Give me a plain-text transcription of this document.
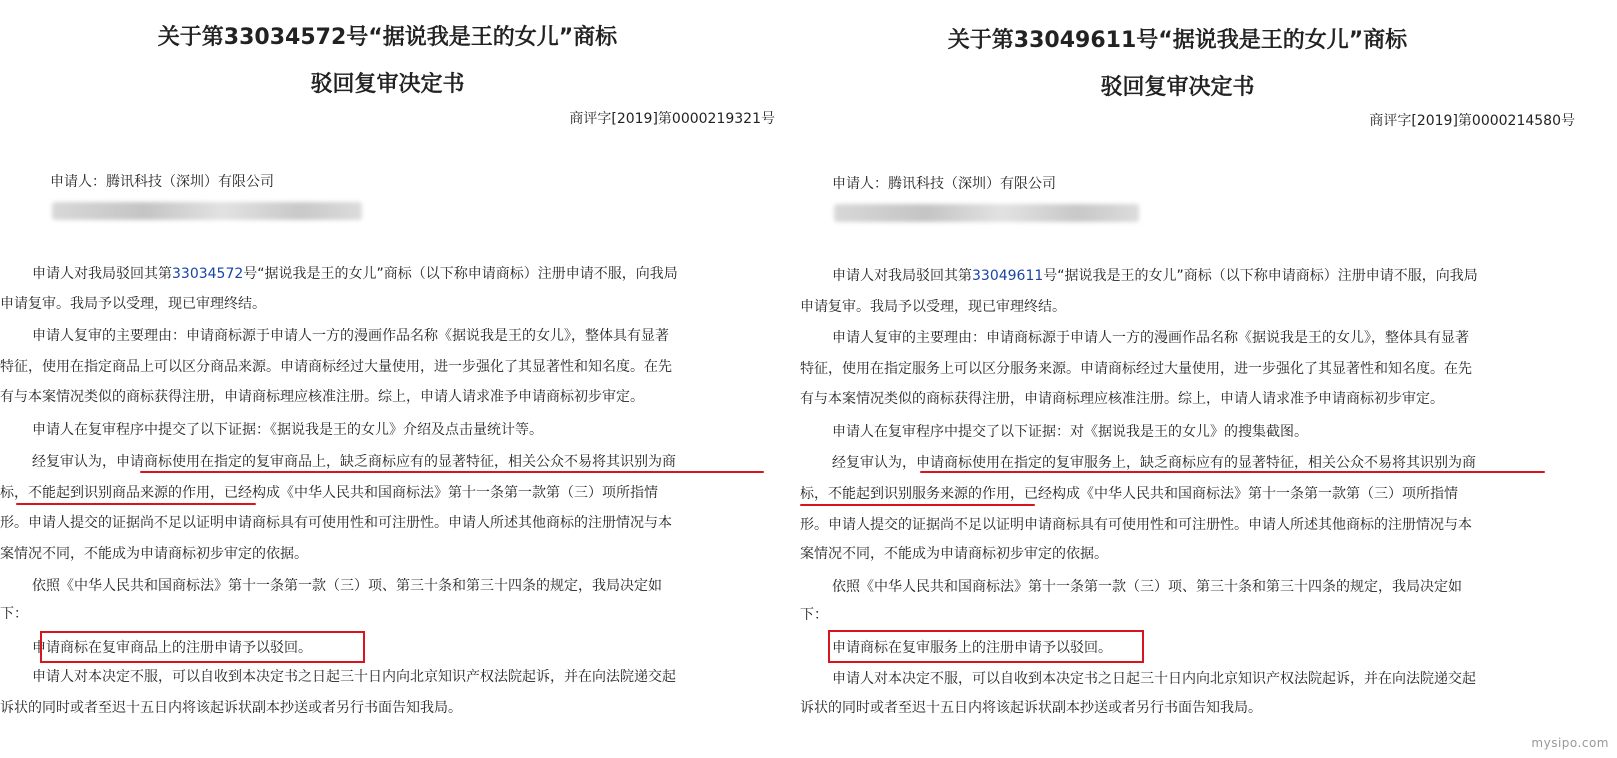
关于第33034572号“据说我是王的女儿”商标
驳回复审决定书
商评字[2019]第0000219321号
申请人：腾讯科技（深圳）有限公司
申请人对我局驳回其第33034572号“据说我是王的女儿”商标（以下称申请商标）注册申请不服，向我局
申请复审。我局予以受理，现已审理终结。
申请人复审的主要理由：申请商标源于申请人一方的漫画作品名称《据说我是王的女儿》，整体具有显著
特征，使用在指定商品上可以区分商品来源。申请商标经过大量使用，进一步强化了其显著性和知名度。在先
有与本案情况类似的商标获得注册，申请商标理应核准注册。综上，申请人请求准予申请商标初步审定。
申请人在复审程序中提交了以下证据：《据说我是王的女儿》介绍及点击量统计等。
经复审认为，申请商标使用在指定的复审商品上，缺乏商标应有的显著特征，相关公众不易将其识别为商
标，不能起到识别商品来源的作用，已经构成《中华人民共和国商标法》第十一条第一款第（三）项所指情
形。申请人提交的证据尚不足以证明申请商标具有可使用性和可注册性。申请人所述其他商标的注册情况与本
案情况不同，不能成为申请商标初步审定的依据。
依照《中华人民共和国商标法》第十一条第一款（三）项、第三十条和第三十四条的规定，我局决定如
下：
申请商标在复审商品上的注册申请予以驳回。
申请人对本决定不服，可以自收到本决定书之日起三十日内向北京知识产权法院起诉，并在向法院递交起
诉状的同时或者至迟十五日内将该起诉状副本抄送或者另行书面告知我局。
关于第33049611号“据说我是王的女儿”商标
驳回复审决定书
商评字[2019]第0000214580号
申请人：腾讯科技（深圳）有限公司
申请人对我局驳回其第33049611号“据说我是王的女儿”商标（以下称申请商标）注册申请不服，向我局
申请复审。我局予以受理，现已审理终结。
申请人复审的主要理由：申请商标源于申请人一方的漫画作品名称《据说我是王的女儿》，整体具有显著
特征，使用在指定服务上可以区分服务来源。申请商标经过大量使用，进一步强化了其显著性和知名度。在先
有与本案情况类似的商标获得注册，申请商标理应核准注册。综上，申请人请求准予申请商标初步审定。
申请人在复审程序中提交了以下证据：对《据说我是王的女儿》的搜集截图。
经复审认为，申请商标使用在指定的复审服务上，缺乏商标应有的显著特征，相关公众不易将其识别为商
标，不能起到识别服务来源的作用，已经构成《中华人民共和国商标法》第十一条第一款第（三）项所指情
形。申请人提交的证据尚不足以证明申请商标具有可使用性和可注册性。申请人所述其他商标的注册情况与本
案情况不同，不能成为申请商标初步审定的依据。
依照《中华人民共和国商标法》第十一条第一款（三）项、第三十条和第三十四条的规定，我局决定如
下：
申请商标在复审服务上的注册申请予以驳回。
申请人对本决定不服，可以自收到本决定书之日起三十日内向北京知识产权法院起诉，并在向法院递交起
诉状的同时或者至迟十五日内将该起诉状副本抄送或者另行书面告知我局。
mysipo.com
